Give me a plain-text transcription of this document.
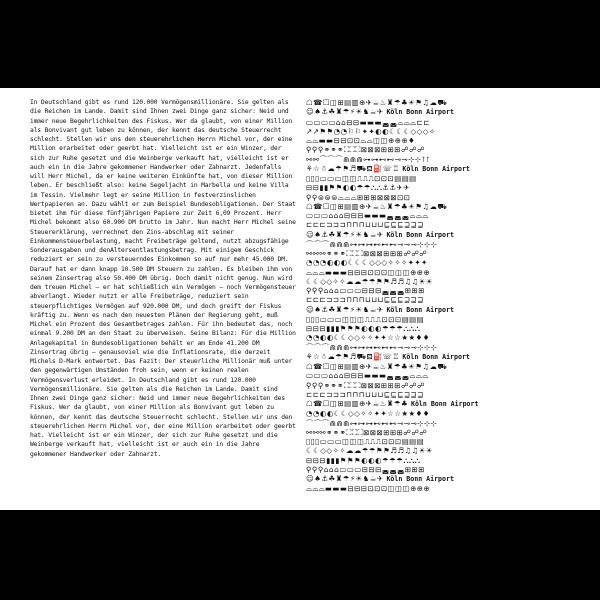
In Deutschland gibt es rund 120.000 Vermögensmillionäre. Sie gelten als die Reichen im Lande. Damit sind Ihnen zwei Dinge ganz sicher: Neid und immer neue Begehrlichkeiten des Fiskus. Wer da glaubt, von einer Million als Bonvivant gut leben zu können, der kennt das deutsche Steuerrecht schlecht. Stellen wir uns den steuerehrlichen Herrn Michel vor, der eine Million erarbeitet oder geerbt hat. Vielleicht ist er ein Winzer, der sich zur Ruhe gesetzt und die Weinberge verkauft hat, vielleicht ist er auch ein in die Jahre gekommener Handwerker oder Zahnarzt. Jedenfalls will Herr Michel, da er keine weiteren Einkünfte hat, von dieser Million leben. Er beschließt also: keine Segeljacht in Marbella und keine Villa im Tessin. Vielmehr legt er seine Million in festverzinslichen Wertpapieren an. Dazu wählt er zum Beispiel Bundesobligationen. Der Staat bietet ihm für diese fünfjährigen Papiere zur Zeit 6,09 Prozent. Herr Michel bekommt also 60.900 DM brutto im Jahr. Nun macht Herr Michel seine Steuererklärung, verrechnet den Zins-abschlag mit seiner Einkommensteuerbelastung, macht Freibeträge geltend, nutzt abzugsfähige Sonderausgaben und denAltersentlastungsbetrag. Mit einigem Geschick reduziert er sein zu versteuerndes Einkommen so auf nur mehr 45.000 DM. Darauf hat er dann knapp 10.500 DM Steuern zu zahlen. Es bleiben ihm von seinem Zinsertrag also 50.400 DM übrig. Doch damit nicht genug. Nun wird dem treuen Michel – er hat schließlich ein Vermögen – noch Vermögensteuer abverlangt. Wieder nutzt er alle Freibeträge, reduziert sein steuerpflichtiges Vermögen auf 920.000 DM, und doch greift der Fiskus kräftig zu. Wenn es nach den neuesten Plänen der Regierung geht, muß Michel ein Prozent des Gesamtbetrages zahlen. Für ihn bedeutet das, noch einmal 9.200 DM an den Staat zu überweisen. Seine Bilanz: Für die Million Anlagekapital in Bundesobligationen behält er am Ende 41.200 DM Zinsertrag übrig – genausoviel wie die Inflationsrate, die derzeit Michels D-Mark entwertet. Das Fazit: Der steuerliche Millionär muß unter den gegenwärtigen Umständen froh sein, wenn er keinen realen Vermögensverlust erleidet. In Deutschland gibt es rund 120.000 Vermögensmillionäre. Sie gelten als die Reichen im Lande. Damit sind Ihnen zwei Dinge ganz sicher: Neid und immer neue Begehrlichkeiten des Fiskus. Wer da glaubt, von einer Million als Bonvivant gut leben zu können, der kennt das deutsche Steuerrecht schlecht. Stellen wir uns den steuerehrlichen Herrn Michel vor, der eine Million erarbeitet oder geerbt hat. Vielleicht ist er ein Winzer, der sich zur Ruhe gesetzt und die Weinberge verkauft hat, vielleicht ist er auch ein in die Jahre gekommener Handwerker oder Zahnarzt.

☖☎☐◫⊞▤▥⊕✈☕♨♜☂♣☀⚑♫☁⛟
☺♠⚓☘♜☂⚡☀♞☕✈ Köln Bonn Airport
▭▭▭▭⌂⌂⊟⊟▬▬▬◛◛⌓⌓⌓⊏⊏
↗↗⚑⚑◔◔⚐⚐✦✦◐◐☾☾☾◇◇◇✧
⌓⌓▬▬⊟⊟⊡⊡⌓⌓◫◫⊕⊕⊕♦
⚲⚲⚲⚭⚭⚭⛶⛶⛶⊠⊠⊠⊞⊞⊞☍☍☍
⚯⚯⌒⌒⌒⋒⋒⋒⊶⊶⊷⊷⊸⊸⊹⊹⊺⊺
⚘☆☃☁☂⚑♬⛟⛾⛽☏♖ Köln Bonn Airport
▯▯▯▭▭▭◫◫⎍⎍⎍⊡⊡⊡▤▤▤
⊟⊟▮▮⚑⚑◐◐☂☂⛬⛬⚓⚓✈✈
⚲⚲⊜⊜⊜⌓⌓⌓⊞⊞⊞⊠⊠⊠⊡⊡
☖☎☐◫⊞▤▥⊕✈☕♨♜☂♣☀⚑♫☁⛟
▭▭▭⌂⌂⌂⊟⊟⊟▬▬▬◛◛◛⌓⌓⌓
⊏⊏⊏⊐⊐⊐⊓⊓⊓⊔⊔⊔⊑⊑⊑⊒⊒⊒
☺♠⚓☘♜☂⚡☀♞☕✈ Köln Bonn Airport
⌒⌒⌒⋒⋒⋒⊶⊶⊶⊷⊷⊷⊸⊸⊸⊹⊹⊹
⚯⚯⚯⚭⚭⚭⛶⛶⛶⊠⊠⊠⊞⊞⊞☍☍☍
◔◔◔◐◐◐☾☾☾◇◇◇✧✧✧✦✦✦
⌓⌓⌓▬▬▬⊟⊟⊟⊡⊡⊡◫◫◫⊕⊕⊕
☾☾◇◇✧✧☁☁☂☂⚑⚑♬♬♫♫☀☀
⚲⚲⚲⌂⌂⌂▭▭▭⊟⊟⊟◛◛◛⊞⊞⊞
⊏⊏⊏⊐⊐⊐⊓⊓⊓⊔⊔⊔⊑⊑⊑⊒⊒⊒
☺♠⚓☘♜☂⚡☀♞☕✈ Köln Bonn Airport
▯▯▯▭▭▭◫◫◫⎍⎍⎍⊡⊡⊡▤▤▤
⊟⊟⊟▮▮▮⚑⚑⚑◐◐◐☂☂☂⛬⛬⛬
◔◔◐◐☾☾◇◇✧✧✦✦☆☆★★♦♦
⌒⌒⌒⋒⋒⋒⊶⊶⊶⊷⊷⊷⊸⊸⊸⊹⊹⊹
⚘☆☃☁☂⚑♬⛟⛾⛽☏♖ Köln Bonn Airport
☖☎☐◫⊞▤▥⊕✈☕♨♜☂♣☀⚑♫☁⛟
▭▭▭⌂⌂⌂⊟⊟⊟▬▬▬◛◛◛⌓⌓⌓
⚲⚲⚲⚭⚭⚭⛶⛶⛶⊠⊠⊠⊞⊞⊞☍☍☍
⊏⊏⊏⊐⊐⊐⊓⊓⊓⊔⊔⊔⊑⊑⊑⊒⊒⊒
☖☎☐◫⊞▤▥⊕✈☕♨♜☂♣ Köln Bonn Airport
◔◔◐◐☾☾◇◇✧✧✦✦☆☆★★♦♦
⌒⌒⌒⋒⋒⋒⊶⊶⊶⊷⊷⊷⊸⊸⊸⊹⊹⊹
⚯⚯⚯⚭⚭⚭⛶⛶⛶⊠⊠⊠⊞⊞⊞☍☍☍
▯▯▯▭▭▭◫◫◫⎍⎍⎍⊡⊡⊡▤▤▤
☾☾◇◇✧✧☁☁☂☂⚑⚑♬♬♫♫☀☀
⊟⊟⊟▮▮▮⚑⚑⚑◐◐◐☂☂☂⛬⛬⛬
⚲⚲⚲⌂⌂⌂▭▭▭⊟⊟⊟◛◛◛⊞⊞⊞
☺♠⚓☘♜☂⚡☀♞☕✈ Köln Bonn Airport
⌓⌓⌓▬▬▬⊟⊟⊟⊡⊡⊡◫◫◫⊕⊕⊕
